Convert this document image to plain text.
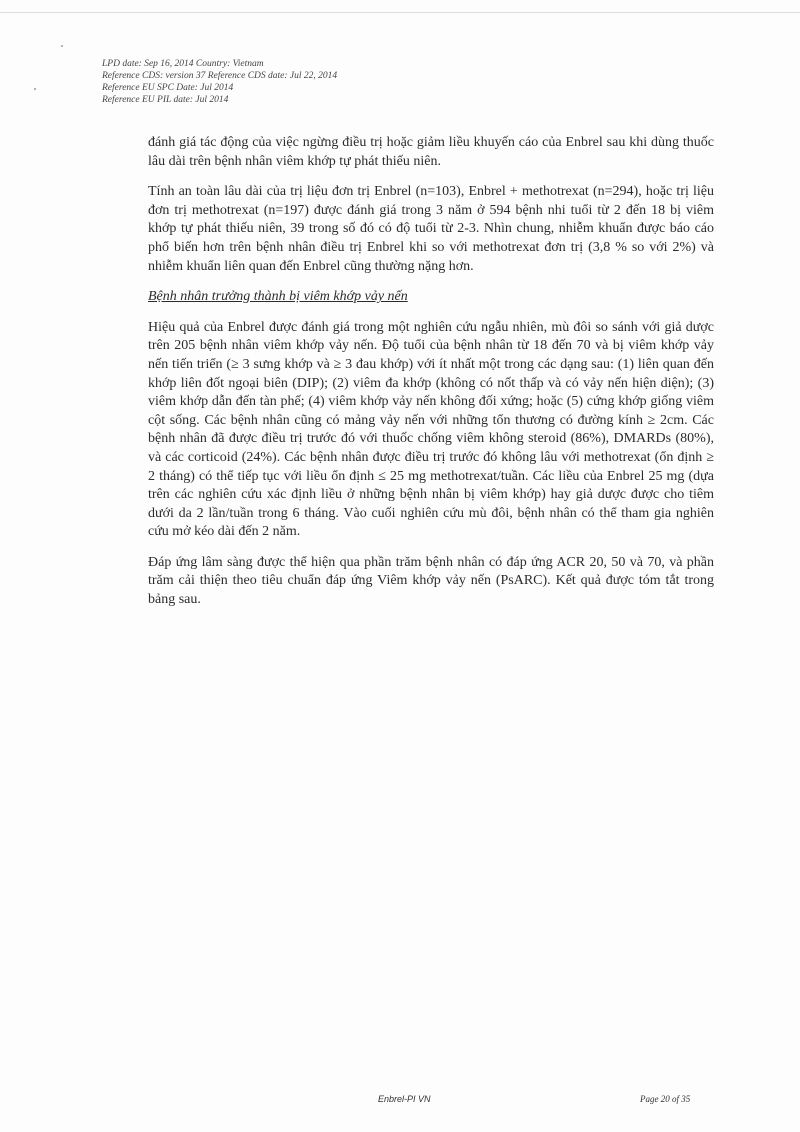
LPD date: Sep 16, 2014 Country: Vietnam
Reference CDS: version 37 Reference CDS date: Jul 22, 2014
Reference EU SPC Date: Jul 2014
Reference EU PIL date: Jul 2014

đánh giá tác động của việc ngừng điều trị hoặc giảm liều khuyến cáo của Enbrel sau khi dùng thuốc lâu dài trên bệnh nhân viêm khớp tự phát thiếu niên.

Tính an toàn lâu dài của trị liệu đơn trị Enbrel (n=103), Enbrel + methotrexat (n=294), hoặc trị liệu đơn trị methotrexat (n=197) được đánh giá trong 3 năm ở 594 bệnh nhi tuổi từ 2 đến 18 bị viêm khớp tự phát thiếu niên, 39 trong số đó có độ tuổi từ 2-3. Nhìn chung, nhiễm khuẩn được báo cáo phổ biến hơn trên bệnh nhân điều trị Enbrel khi so với methotrexat đơn trị (3,8 % so với 2%) và nhiễm khuẩn liên quan đến Enbrel cũng thường nặng hơn.

Bệnh nhân trưởng thành bị viêm khớp vảy nến

Hiệu quả của Enbrel được đánh giá trong một nghiên cứu ngẫu nhiên, mù đôi so sánh với giả dược trên 205 bệnh nhân viêm khớp vảy nến. Độ tuổi của bệnh nhân từ 18 đến 70 và bị viêm khớp vảy nến tiến triển (≥ 3 sưng khớp và ≥ 3 đau khớp) với ít nhất một trong các dạng sau: (1) liên quan đến khớp liên đốt ngoại biên (DIP); (2) viêm đa khớp (không có nốt thấp và có vảy nến hiện diện); (3) viêm khớp dẫn đến tàn phế; (4) viêm khớp vảy nến không đối xứng; hoặc (5) cứng khớp giống viêm cột sống. Các bệnh nhân cũng có mảng vảy nến với những tổn thương có đường kính ≥ 2cm. Các bệnh nhân đã được điều trị trước đó với thuốc chống viêm không steroid (86%), DMARDs (80%), và các corticoid (24%). Các bệnh nhân được điều trị trước đó không lâu với methotrexat (ổn định ≥ 2 tháng) có thể tiếp tục với liều ổn định ≤ 25 mg methotrexat/tuần. Các liều của Enbrel 25 mg (dựa trên các nghiên cứu xác định liều ở những bệnh nhân bị viêm khớp) hay giả dược được cho tiêm dưới da 2 lần/tuần trong 6 tháng. Vào cuối nghiên cứu mù đôi, bệnh nhân có thể tham gia nghiên cứu mở kéo dài đến 2 năm.

Đáp ứng lâm sàng được thể hiện qua phần trăm bệnh nhân có đáp ứng ACR 20, 50 và 70, và phần trăm cải thiện theo tiêu chuẩn đáp ứng Viêm khớp vảy nến (PsARC). Kết quả được tóm tắt trong bảng sau.

Enbrel-PI VN	Page 20 of 35
